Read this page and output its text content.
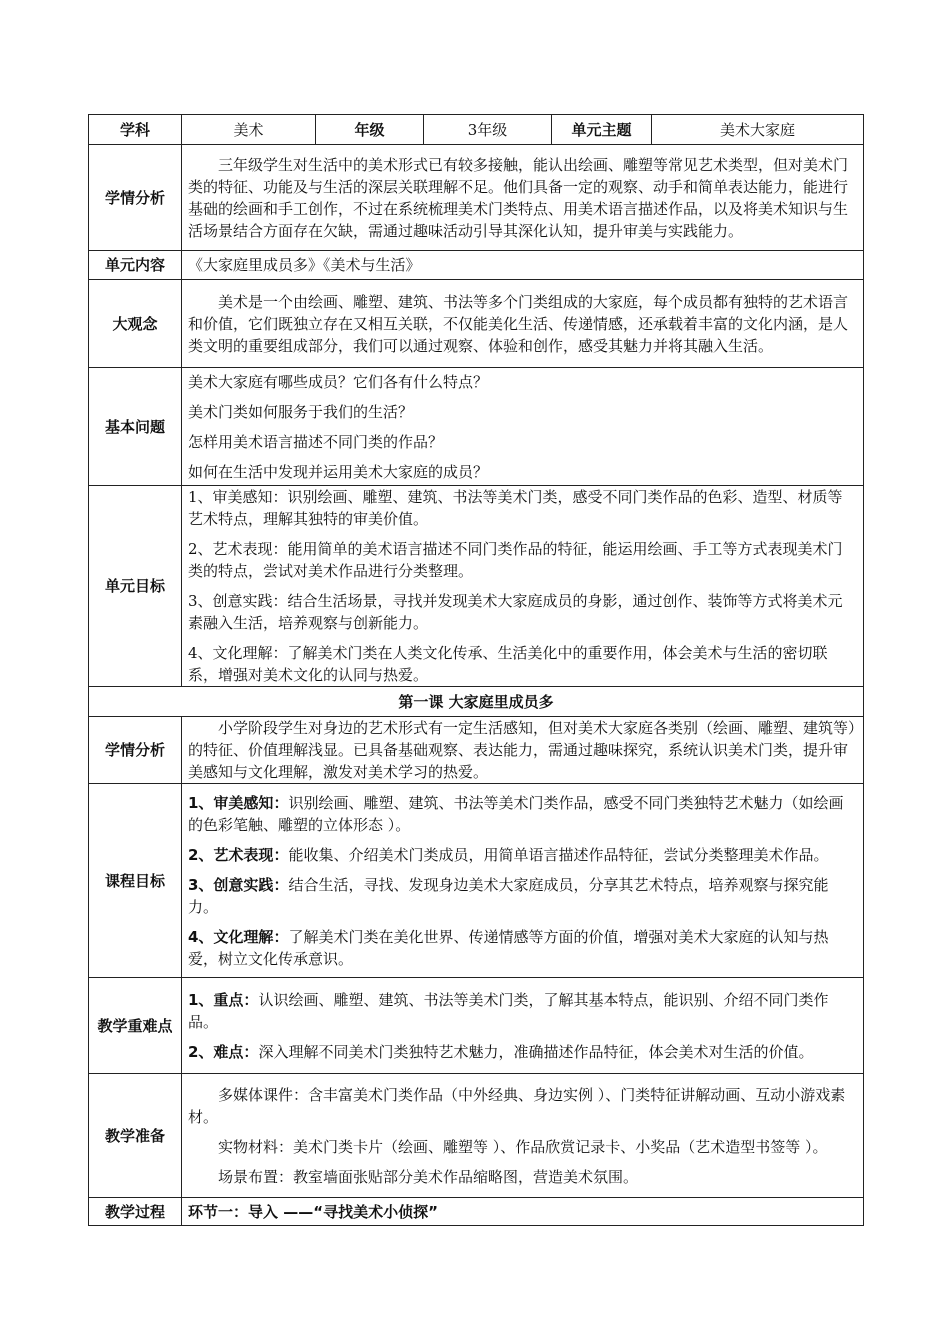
学科	美术	年级	3年级	单元主题	美术大家庭
学情分析	三年级学生对生活中的美术形式已有较多接触，能认出绘画、雕塑等常见艺术类型，但对美术门类的特征、功能及与生活的深层关联理解不足。他们具备一定的观察、动手和简单表达能力，能进行基础的绘画和手工创作，不过在系统梳理美术门类特点、用美术语言描述作品，以及将美术知识与生活场景结合方面存在欠缺，需通过趣味活动引导其深化认知，提升审美与实践能力。				

单元内容	《大家庭里成员多》《美术与生活》				

大观念	美术是一个由绘画、雕塑、建筑、书法等多个门类组成的大家庭，每个成员都有独特的艺术语言和价值，它们既独立存在又相互关联，不仅能美化生活、传递情感，还承载着丰富的文化内涵，是人类文明的重要组成部分，我们可以通过观察、体验和创作，感受其魅力并将其融入生活。				

基本问题	美术大家庭有哪些成员？它们各有什么特点？

美术门类如何服务于我们的生活？

怎样用美术语言描述不同门类的作品？

如何在生活中发现并运用美术大家庭的成员？				

单元目标	1、审美感知：识别绘画、雕塑、建筑、书法等美术门类，感受不同门类作品的色彩、造型、材质等艺术特点，理解其独特的审美价值。

2、艺术表现：能用简单的美术语言描述不同门类作品的特征，能运用绘画、手工等方式表现美术门类的特点，尝试对美术作品进行分类整理。

3、创意实践：结合生活场景，寻找并发现美术大家庭成员的身影，通过创作、装饰等方式将美术元素融入生活，培养观察与创新能力。

4、文化理解：了解美术门类在人类文化传承、生活美化中的重要作用，体会美术与生活的密切联系，增强对美术文化的认同与热爱。				

第一课 大家庭里成员多					
学情分析	小学阶段学生对身边的艺术形式有一定生活感知，但对美术大家庭各类别（绘画、雕塑、建筑等）的特征、价值理解浅显。已具备基础观察、表达能力，需通过趣味探究，系统认识美术门类，提升审美感知与文化理解，激发对美术学习的热爱。				

课程目标	1、审美感知：识别绘画、雕塑、建筑、书法等美术门类作品，感受不同门类独特艺术魅力（如绘画的色彩笔触、雕塑的立体形态 ）。

2、艺术表现：能收集、介绍美术门类成员，用简单语言描述作品特征，尝试分类整理美术作品。

3、创意实践：结合生活，寻找、发现身边美术大家庭成员，分享其艺术特点，培养观察与探究能力。

4、文化理解：了解美术门类在美化世界、传递情感等方面的价值，增强对美术大家庭的认知与热爱，树立文化传承意识。				

教学重难点	1、重点：认识绘画、雕塑、建筑、书法等美术门类，了解其基本特点，能识别、介绍不同门类作品。

2、难点：深入理解不同美术门类独特艺术魅力，准确描述作品特征，体会美术对生活的价值。				

教学准备	多媒体课件：含丰富美术门类作品（中外经典、身边实例 ）、门类特征讲解动画、互动小游戏素材。

实物材料：美术门类卡片（绘画、雕塑等 ）、作品欣赏记录卡、小奖品（艺术造型书签等 ）。

场景布置：教室墙面张贴部分美术作品缩略图，营造美术氛围。				

教学过程	环节一：导入 ——“寻找美术小侦探”				
